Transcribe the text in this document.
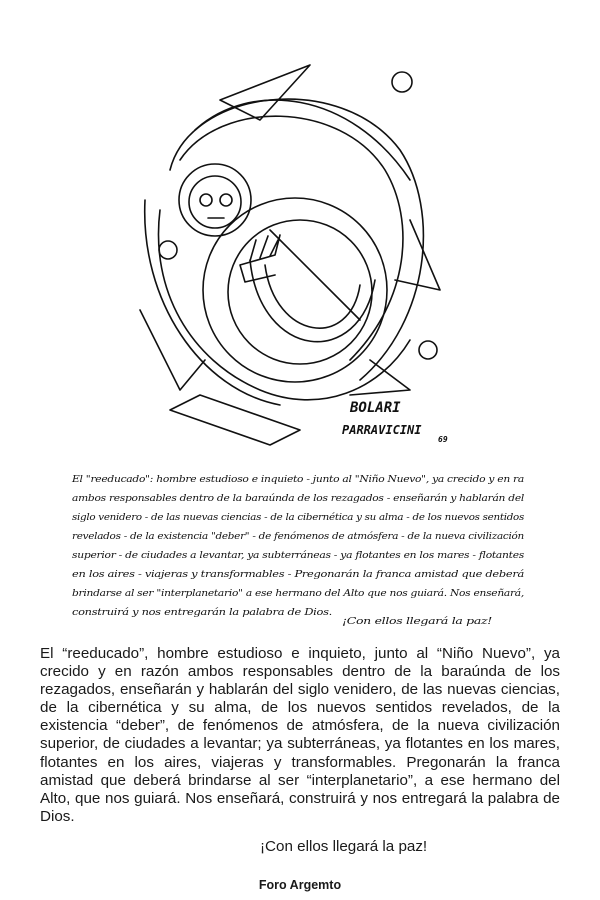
BOLARI
PARRAVICINI
69
El "reeducado": hombre estudioso e inquieto - junto al "Niño Nuevo", ya crecido y en ra
ambos responsables dentro de la baraúnda de los rezagados - enseñarán y hablarán del
siglo venidero - de las nuevas ciencias - de la cibernética y su alma - de los nuevos sentidos
revelados - de la existencia "deber" - de fenómenos de atmósfera - de la nueva civilización
superior - de ciudades a levantar, ya subterráneas - ya flotantes en los mares - flotantes
en los aires - viajeras y transformables - Pregonarán la franca amistad que deberá
brindarse al ser "interplanetario" a ese hermano del Alto que nos guiará. Nos enseñará,
construirá y nos entregarán la palabra de Dios.
¡Con ellos llegará la paz!

El “reeducado”, hombre estudioso e inquieto, junto al “Niño Nuevo”, ya crecido y en razón ambos responsables dentro de la baraúnda de los rezagados, enseñarán y hablarán del siglo venidero, de las nuevas ciencias, de la cibernética y su alma, de los nuevos sentidos revelados, de la existencia “deber”, de fenómenos de atmósfera, de la nueva civilización superior, de ciudades a levantar; ya subterráneas, ya flotantes en los mares, flotantes en los aires, viajeras y transformables. Pregonarán la franca amistad que deberá brindarse al ser “interplanetario”, a ese hermano del Alto, que nos guiará. Nos enseñará, construirá y nos entregará la palabra de Dios.

¡Con ellos llegará la paz!
Foro Argemto
